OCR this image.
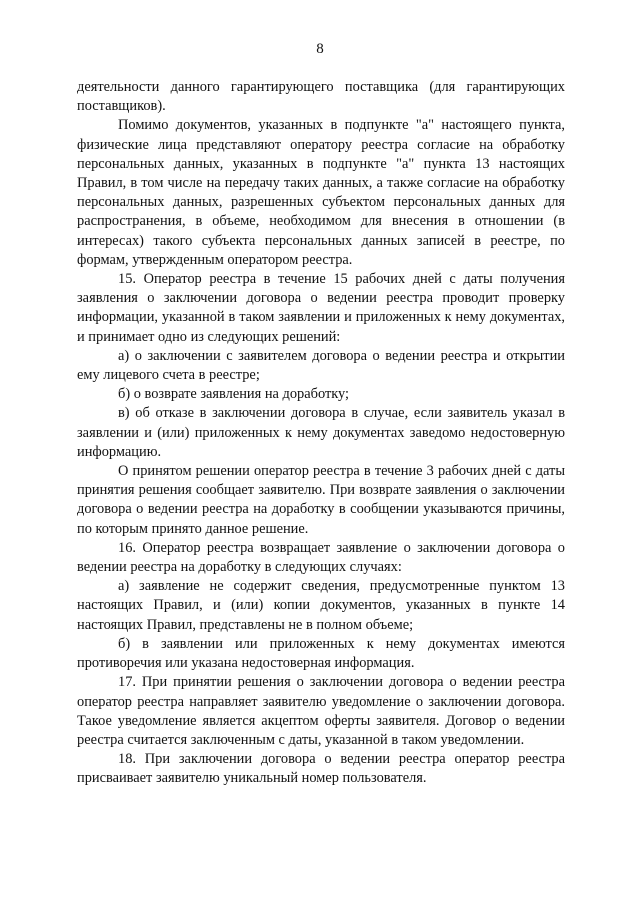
8

деятельности данного гарантирующего поставщика (для гарантирующих поставщиков).

Помимо документов, указанных в подпункте "а" настоящего пункта, физические лица представляют оператору реестра согласие на обработку персональных данных, указанных в подпункте "а" пункта 13 настоящих Правил, в том числе на передачу таких данных, а также согласие на обработку персональных данных, разрешенных субъектом персональных данных для распространения, в объеме, необходимом для внесения в отношении (в интересах) такого субъекта персональных данных записей в реестре, по формам, утвержденным оператором реестра.

15. Оператор реестра в течение 15 рабочих дней с даты получения заявления о заключении договора о ведении реестра проводит проверку информации, указанной в таком заявлении и приложенных к нему документах, и принимает одно из следующих решений:

а) о заключении с заявителем договора о ведении реестра и открытии ему лицевого счета в реестре;

б) о возврате заявления на доработку;

в) об отказе в заключении договора в случае, если заявитель указал в заявлении и (или) приложенных к нему документах заведомо недостоверную информацию.

О принятом решении оператор реестра в течение 3 рабочих дней с даты принятия решения сообщает заявителю. При возврате заявления о заключении договора о ведении реестра на доработку в сообщении указываются причины, по которым принято данное решение.

16. Оператор реестра возвращает заявление о заключении договора о ведении реестра на доработку в следующих случаях:

а) заявление не содержит сведения, предусмотренные пунктом 13 настоящих Правил, и (или) копии документов, указанных в пункте 14 настоящих Правил, представлены не в полном объеме;

б) в заявлении или приложенных к нему документах имеются противоречия или указана недостоверная информация.

17. При принятии решения о заключении договора о ведении реестра оператор реестра направляет заявителю уведомление о заключении договора. Такое уведомление является акцептом оферты заявителя. Договор о ведении реестра считается заключенным с даты, указанной в таком уведомлении.

18. При заключении договора о ведении реестра оператор реестра присваивает заявителю уникальный номер пользователя.
